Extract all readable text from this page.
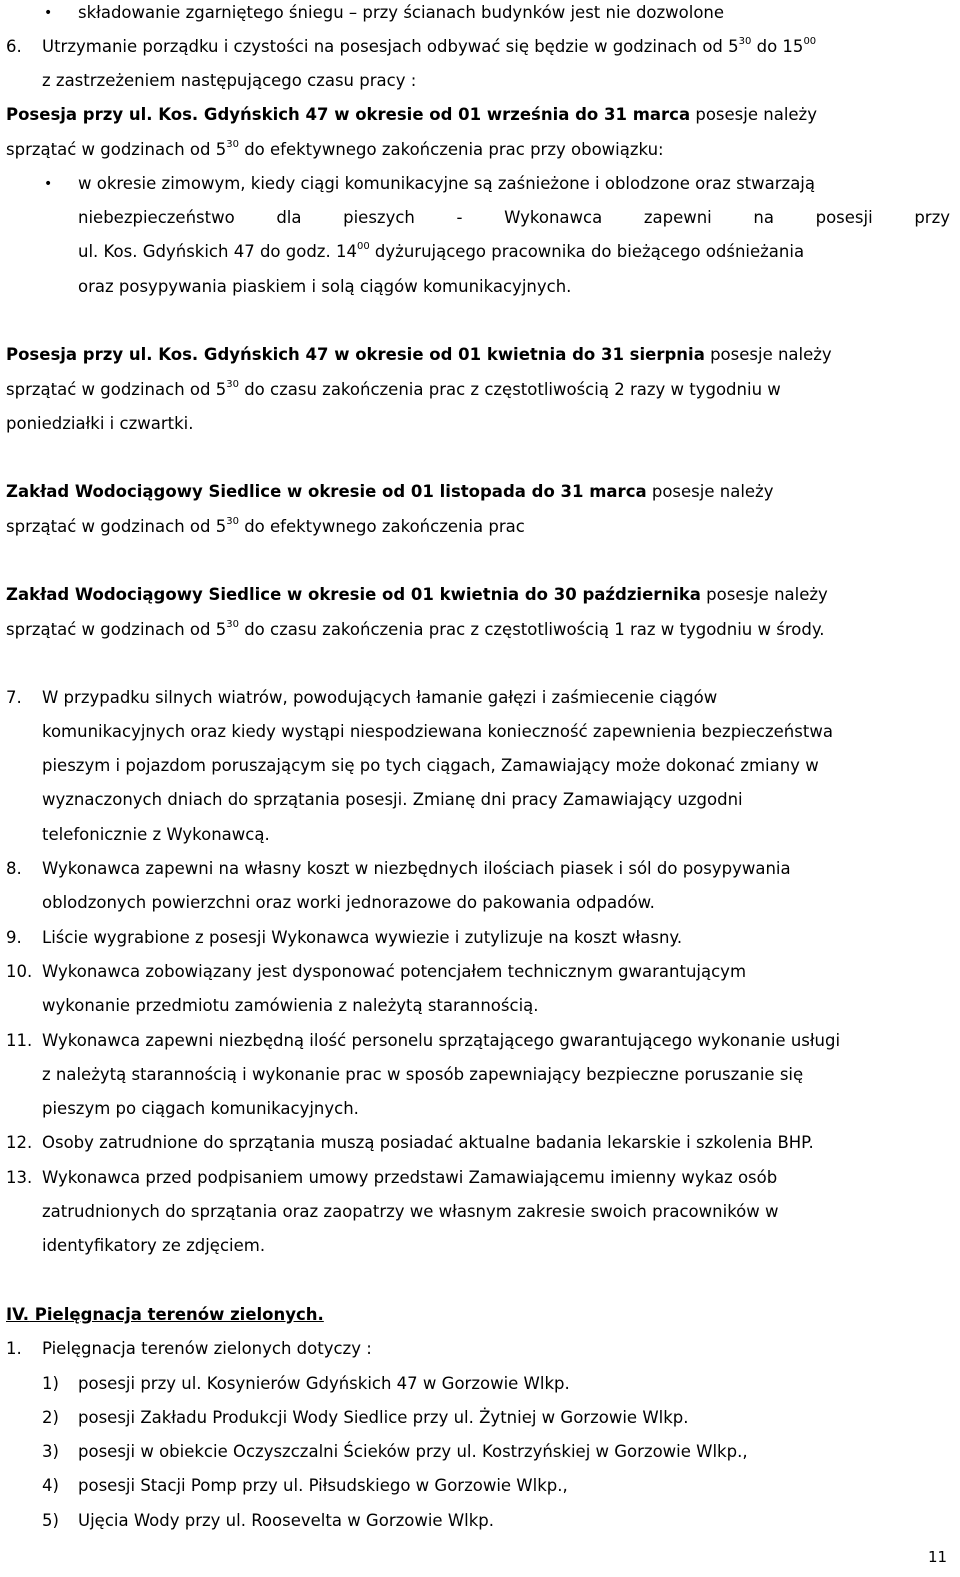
• składowanie zgarniętego śniegu – przy ścianach budynków jest nie dozwolone
6. Utrzymanie porządku i czystości na posesjach odbywać się będzie w godzinach od $5^{30}$ do $15^{00}$
z zastrzeżeniem następującego czasu pracy :
Posesja przy ul. Kos. Gdyńskich 47 w okresie od 01 września do 31 marca posesje należy
sprzątać w godzinach od $5^{30}$ do efektywnego zakończenia prac przy obowiązku:
• w okresie zimowym, kiedy ciągi komunikacyjne są zaśnieżone i oblodzone oraz stwarzają
niebezpieczeństwo	dla	pieszych	-	Wykonawca	zapewni	na	posesji	przy
ul. Kos. Gdyńskich 47 do godz. $14^{00}$ dyżurującego pracownika do bieżącego odśnieżania
oraz posypywania piaskiem i solą ciągów komunikacyjnych.
Posesja przy ul. Kos. Gdyńskich 47 w okresie od 01 kwietnia do 31 sierpnia posesje należy
sprzątać w godzinach od $5^{30}$ do czasu zakończenia prac z częstotliwością 2 razy w tygodniu w
poniedziałki i czwartki.
Zakład Wodociągowy Siedlice w okresie od 01 listopada do 31 marca posesje należy
sprzątać w godzinach od $5^{30}$ do efektywnego zakończenia prac
Zakład Wodociągowy Siedlice w okresie od 01 kwietnia do 30 października posesje należy
sprzątać w godzinach od $5^{30}$ do czasu zakończenia prac z częstotliwością 1 raz w tygodniu w środy.
7. W przypadku silnych wiatrów, powodujących łamanie gałęzi i zaśmiecenie ciągów
komunikacyjnych oraz kiedy wystąpi niespodziewana konieczność zapewnienia bezpieczeństwa
pieszym i pojazdom poruszającym się po tych ciągach, Zamawiający może dokonać zmiany w
wyznaczonych dniach do sprzątania posesji. Zmianę dni pracy Zamawiający uzgodni
telefonicznie z Wykonawcą.
8. Wykonawca zapewni na własny koszt w niezbędnych ilościach piasek i sól do posypywania
oblodzonych powierzchni oraz worki jednorazowe do pakowania odpadów.
9. Liście wygrabione z posesji Wykonawca wywiezie i zutylizuje na koszt własny.
10. Wykonawca zobowiązany jest dysponować potencjałem technicznym gwarantującym
wykonanie przedmiotu zamówienia z należytą starannością.
11. Wykonawca zapewni niezbędną ilość personelu sprzątającego gwarantującego wykonanie usługi
z należytą starannością i wykonanie prac w sposób zapewniający bezpieczne poruszanie się
pieszym po ciągach komunikacyjnych.
12. Osoby zatrudnione do sprzątania muszą posiadać aktualne badania lekarskie i szkolenia BHP.
13. Wykonawca przed podpisaniem umowy przedstawi Zamawiającemu imienny wykaz osób
zatrudnionych do sprzątania oraz zaopatrzy we własnym zakresie swoich pracowników w
identyfikatory ze zdjęciem.
IV. Pielęgnacja terenów zielonych.
1. Pielęgnacja terenów zielonych dotyczy :
1) posesji przy ul. Kosynierów Gdyńskich 47 w Gorzowie Wlkp.
2) posesji Zakładu Produkcji Wody Siedlice przy ul. Żytniej w Gorzowie Wlkp.
3) posesji w obiekcie Oczyszczalni Ścieków przy ul. Kostrzyńskiej w Gorzowie Wlkp.,
4) posesji Stacji Pomp przy ul. Piłsudskiego w Gorzowie Wlkp.,
5) Ujęcia Wody przy ul. Roosevelta w Gorzowie Wlkp.
11
